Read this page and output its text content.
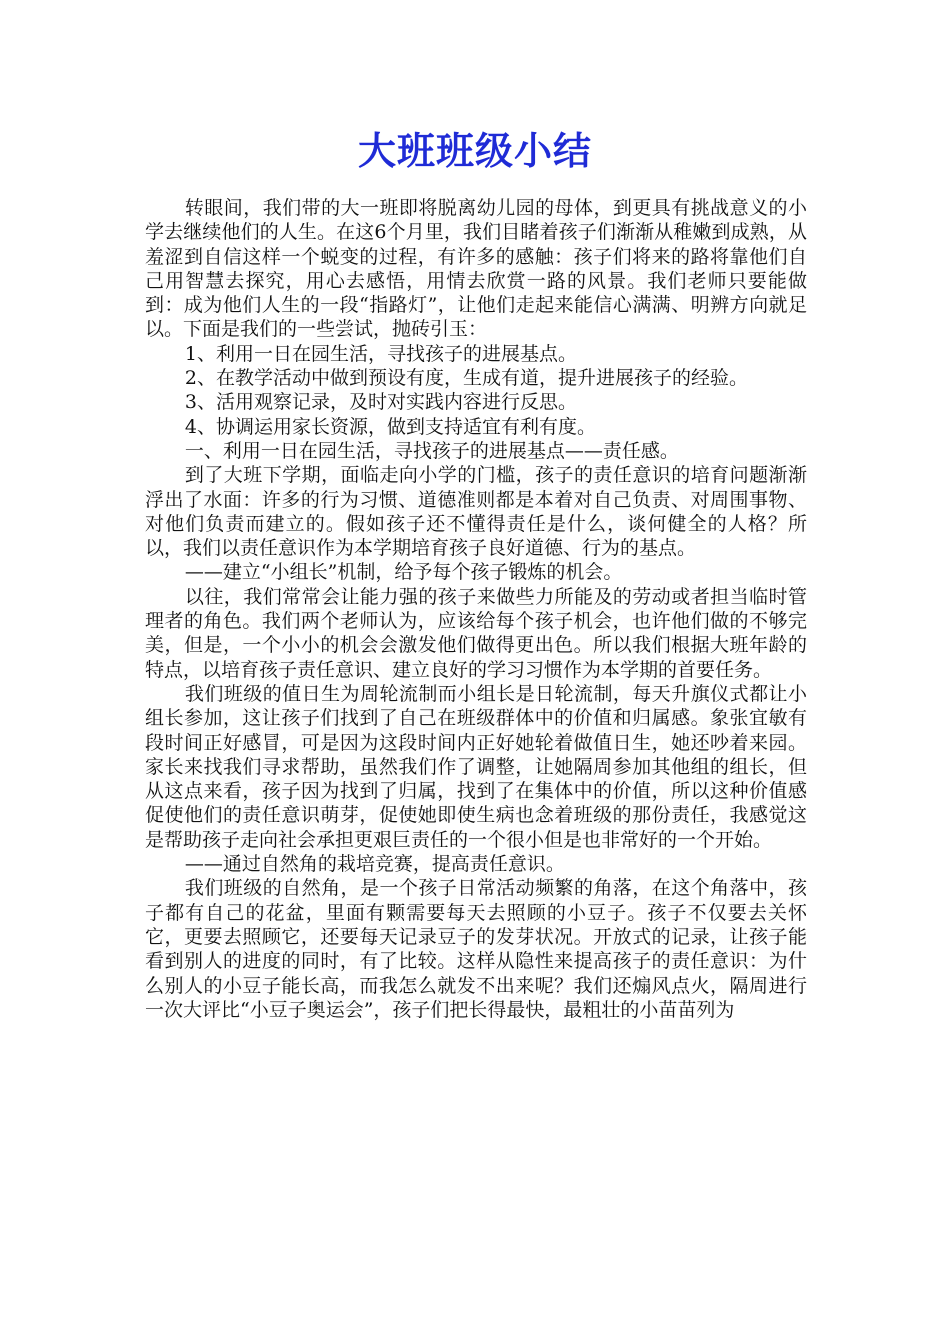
大班班级小结

转眼间，我们带的大一班即将脱离幼儿园的母体，到更具有挑战意义的小学去继续他们的人生。在这6个月里，我们目睹着孩子们渐渐从稚嫩到成熟，从羞涩到自信这样一个蜕变的过程，有许多的感触：孩子们将来的路将靠他们自己用智慧去探究，用心去感悟，用情去欣赏一路的风景。我们老师只要能做到：成为他们人生的一段“指路灯”，让他们走起来能信心满满、明辨方向就足以。下面是我们的一些尝试，抛砖引玉：

1、利用一日在园生活，寻找孩子的进展基点。

2、在教学活动中做到预设有度，生成有道，提升进展孩子的经验。

3、活用观察记录，及时对实践内容进行反思。

4、协调运用家长资源，做到支持适宜有利有度。

一、利用一日在园生活，寻找孩子的进展基点——责任感。

到了大班下学期，面临走向小学的门槛，孩子的责任意识的培育问题渐渐浮出了水面：许多的行为习惯、道德准则都是本着对自己负责、对周围事物、对他们负责而建立的。假如孩子还不懂得责任是什么，谈何健全的人格？所以，我们以责任意识作为本学期培育孩子良好道德、行为的基点。

——建立“小组长”机制，给予每个孩子锻炼的机会。

以往，我们常常会让能力强的孩子来做些力所能及的劳动或者担当临时管理者的角色。我们两个老师认为，应该给每个孩子机会，也许他们做的不够完美，但是，一个小小的机会会激发他们做得更出色。所以我们根据大班年龄的特点，以培育孩子责任意识、建立良好的学习习惯作为本学期的首要任务。

我们班级的值日生为周轮流制而小组长是日轮流制，每天升旗仪式都让小组长参加，这让孩子们找到了自己在班级群体中的价值和归属感。象张宜敏有段时间正好感冒，可是因为这段时间内正好她轮着做值日生，她还吵着来园。家长来找我们寻求帮助，虽然我们作了调整，让她隔周参加其他组的组长，但从这点来看，孩子因为找到了归属，找到了在集体中的价值，所以这种价值感促使他们的责任意识萌芽，促使她即使生病也念着班级的那份责任，我感觉这是帮助孩子走向社会承担更艰巨责任的一个很小但是也非常好的一个开始。

——通过自然角的栽培竞赛，提高责任意识。

我们班级的自然角，是一个孩子日常活动频繁的角落，在这个角落中，孩子都有自己的花盆，里面有颗需要每天去照顾的小豆子。孩子不仅要去关怀它，更要去照顾它，还要每天记录豆子的发芽状况。开放式的记录，让孩子能看到别人的进度的同时，有了比较。这样从隐性来提高孩子的责任意识：为什么别人的小豆子能长高，而我怎么就发不出来呢？我们还煽风点火，隔周进行一次大评比“小豆子奥运会”，孩子们把长得最快，最粗壮的小苗苗列为
